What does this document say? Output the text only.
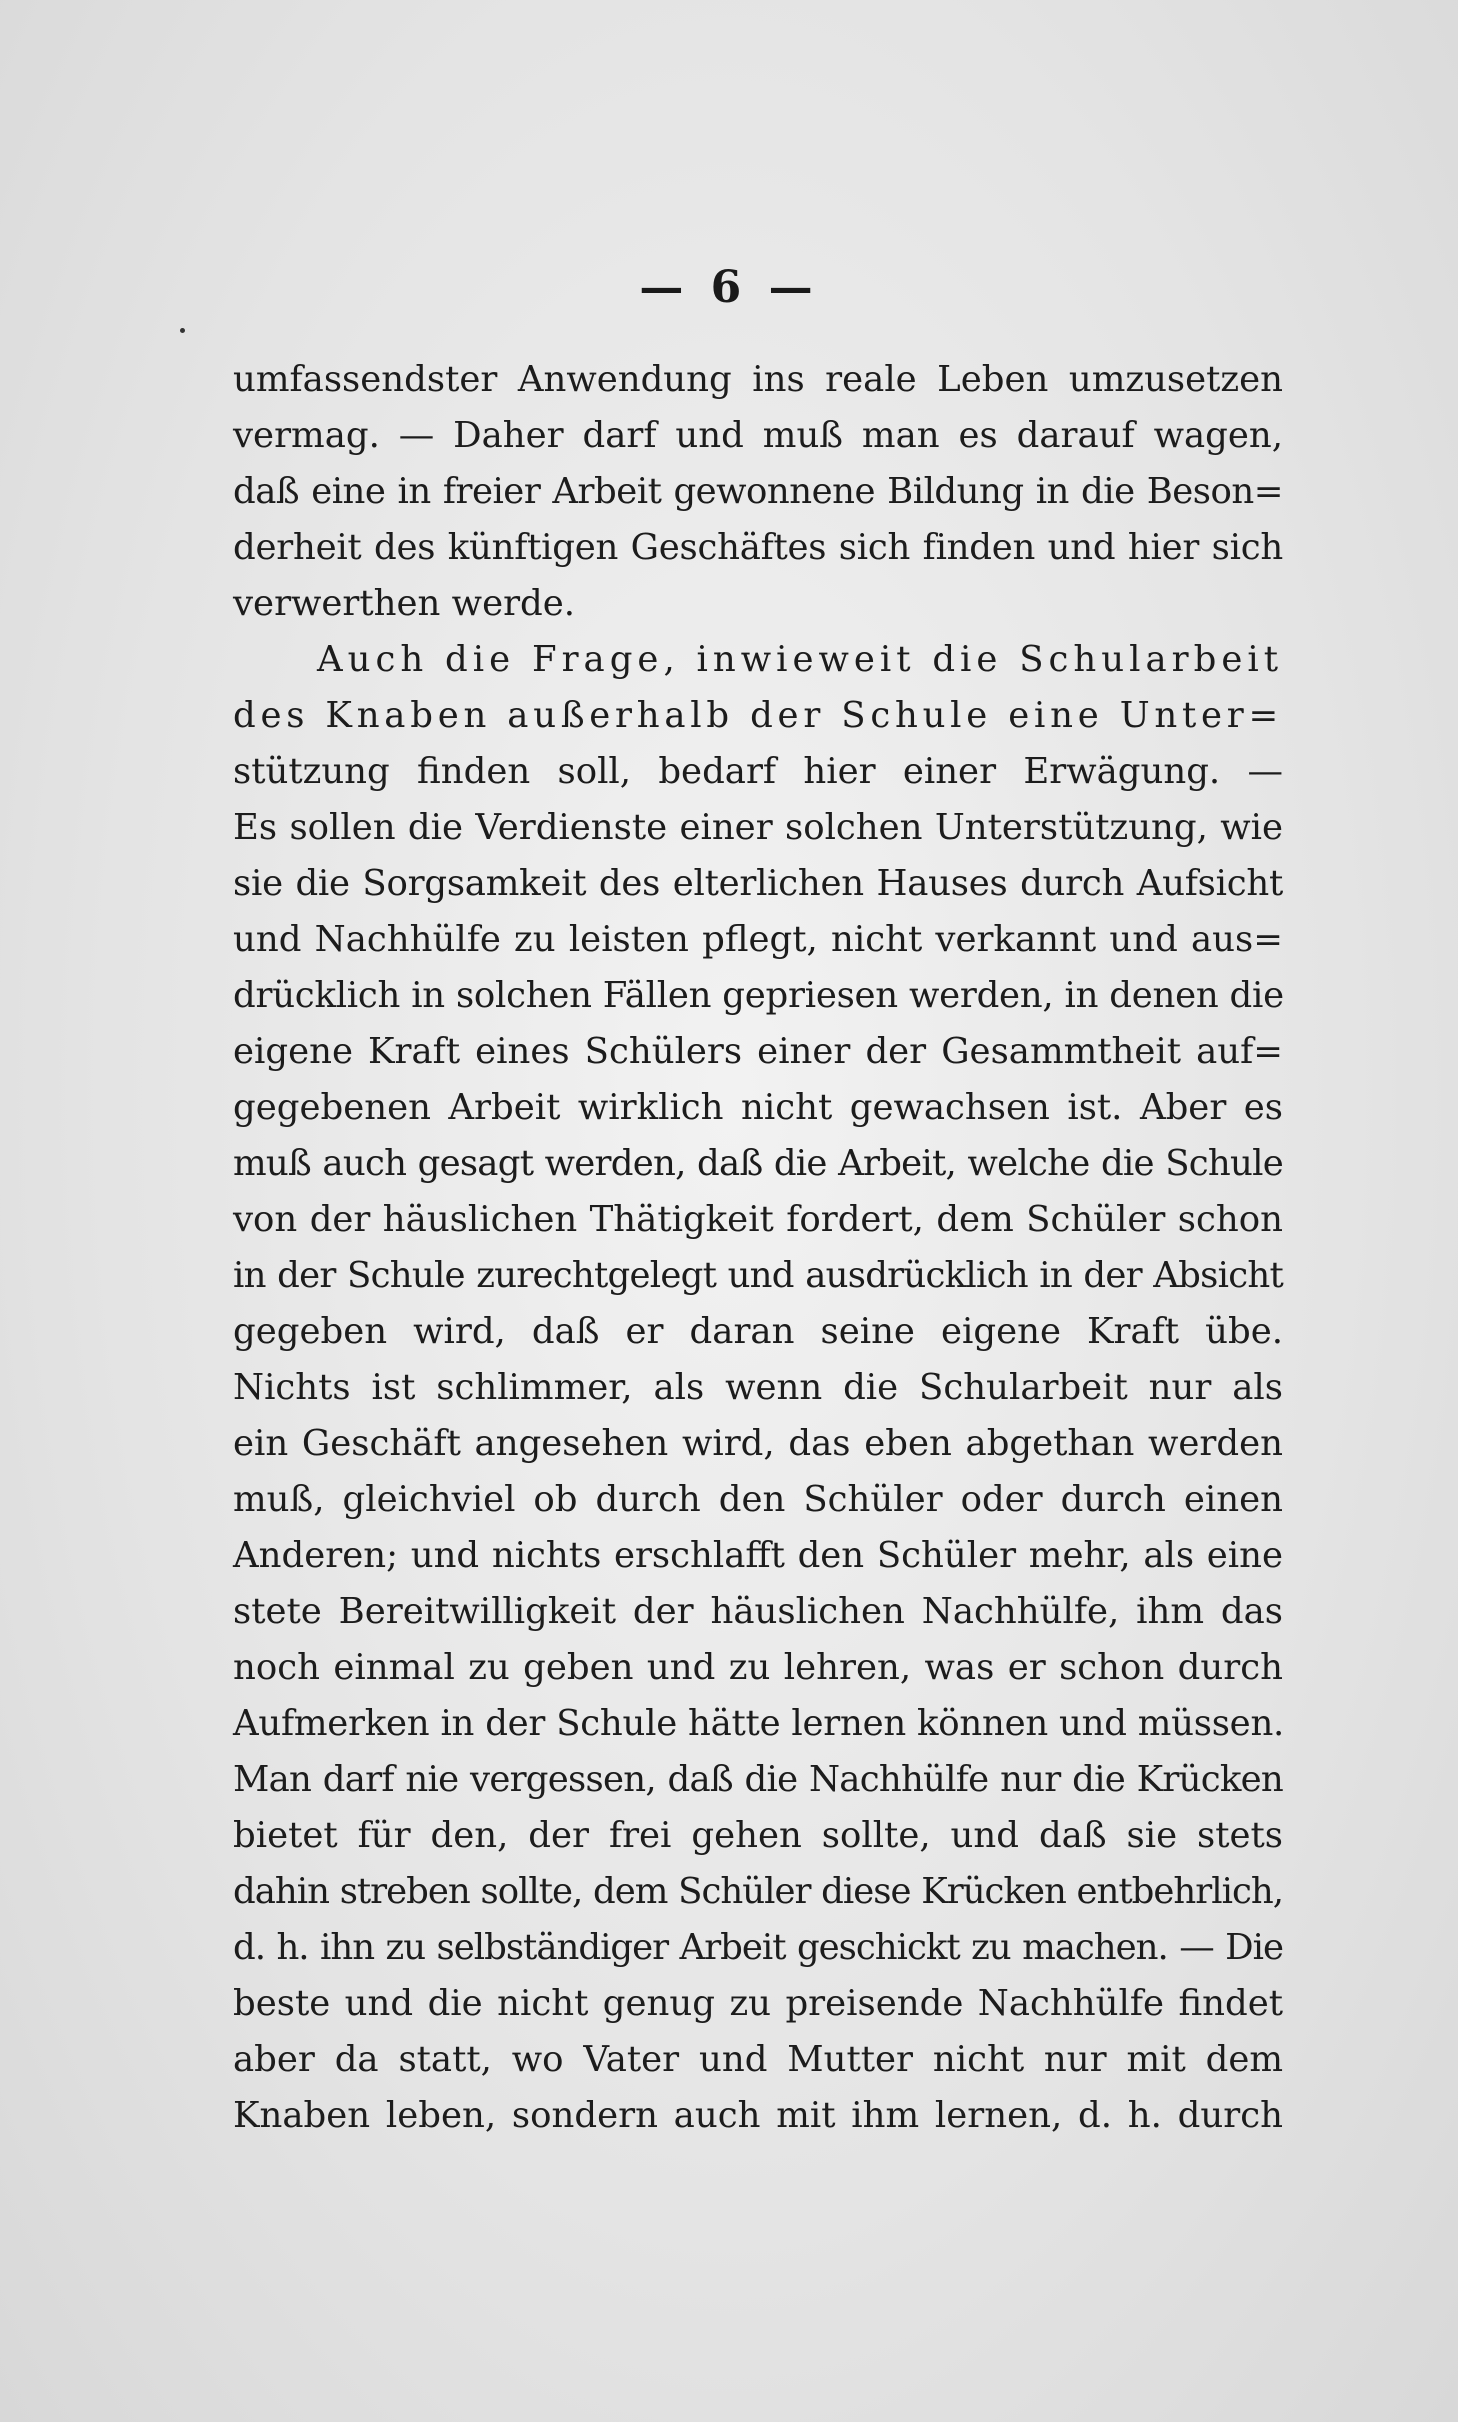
— 6 —
umfassendster Anwendung ins reale Leben umzusetzen
vermag. — Daher darf und muß man es darauf wagen,
daß eine in freier Arbeit gewonnene Bildung in die Beson=
derheit des künftigen Geschäftes sich finden und hier sich
verwerthen werde.
Auch die Frage, inwieweit die Schularbeit
des Knaben außerhalb der Schule eine Unter=
stützung finden soll, bedarf hier einer Erwägung. —
Es sollen die Verdienste einer solchen Unterstützung, wie
sie die Sorgsamkeit des elterlichen Hauses durch Aufsicht
und Nachhülfe zu leisten pflegt, nicht verkannt und aus=
drücklich in solchen Fällen gepriesen werden, in denen die
eigene Kraft eines Schülers einer der Gesammtheit auf=
gegebenen Arbeit wirklich nicht gewachsen ist. Aber es
muß auch gesagt werden, daß die Arbeit, welche die Schule
von der häuslichen Thätigkeit fordert, dem Schüler schon
in der Schule zurechtgelegt und ausdrücklich in der Absicht
gegeben wird, daß er daran seine eigene Kraft übe.
Nichts ist schlimmer, als wenn die Schularbeit nur als
ein Geschäft angesehen wird, das eben abgethan werden
muß, gleichviel ob durch den Schüler oder durch einen
Anderen; und nichts erschlafft den Schüler mehr, als eine
stete Bereitwilligkeit der häuslichen Nachhülfe, ihm das
noch einmal zu geben und zu lehren, was er schon durch
Aufmerken in der Schule hätte lernen können und müssen.
Man darf nie vergessen, daß die Nachhülfe nur die Krücken
bietet für den, der frei gehen sollte, und daß sie stets
dahin streben sollte, dem Schüler diese Krücken entbehrlich,
d. h. ihn zu selbständiger Arbeit geschickt zu machen. — Die
beste und die nicht genug zu preisende Nachhülfe findet
aber da statt, wo Vater und Mutter nicht nur mit dem
Knaben leben, sondern auch mit ihm lernen, d. h. durch
